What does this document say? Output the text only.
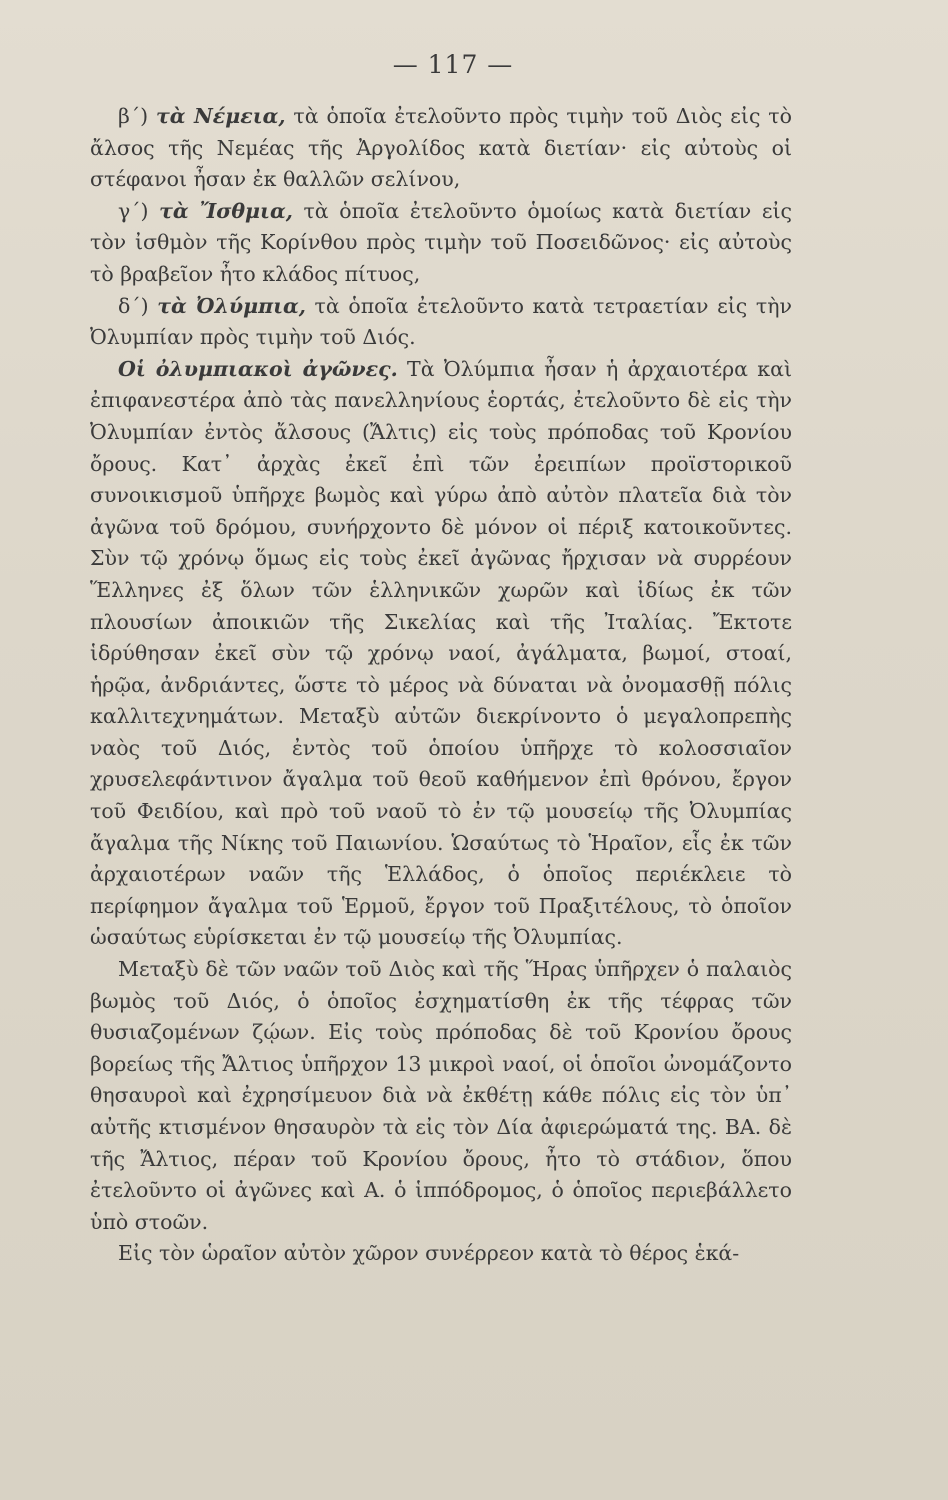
— 117 —

β΄) τὰ Νέμεια, τὰ ὁποῖα ἐτελοῦντο πρὸς τιμὴν τοῦ Διὸς εἰς τὸ ἄλσος τῆς Νεμέας τῆς Ἀργολίδος κατὰ διετίαν· εἰς αὐτοὺς οἱ στέφανοι ἦσαν ἐκ θαλλῶν σελίνου,

γ΄) τὰ Ἴσθμια, τὰ ὁποῖα ἐτελοῦντο ὁμοίως κατὰ διετίαν εἰς τὸν ἰσθμὸν τῆς Κορίνθου πρὸς τιμὴν τοῦ Ποσειδῶνος· εἰς αὐτοὺς τὸ βραβεῖον ἦτο κλάδος πίτυος,

δ΄) τὰ Ὀλύμπια, τὰ ὁποῖα ἐτελοῦντο κατὰ τετραετίαν εἰς τὴν Ὀλυμπίαν πρὸς τιμὴν τοῦ Διός.

Οἱ ὀλυμπιακοὶ ἀγῶνες. Τὰ Ὀλύμπια ἦσαν ἡ ἀρχαιοτέρα καὶ ἐπιφανεστέρα ἀπὸ τὰς πανελληνίους ἑορτάς, ἐτελοῦντο δὲ εἰς τὴν Ὀλυμπίαν ἐντὸς ἄλσους (Ἄλτις) εἰς τοὺς πρόποδας τοῦ Κρονίου ὄρους. Κατ᾿ ἀρχὰς ἐκεῖ ἐπὶ τῶν ἐρειπίων προϊστορικοῦ συνοικισμοῦ ὑπῆρχε βωμὸς καὶ γύρω ἀπὸ αὐτὸν πλατεῖα διὰ τὸν ἀγῶνα τοῦ δρόμου, συνήρχοντο δὲ μόνον οἱ πέριξ κατοικοῦντες. Σὺν τῷ χρόνῳ ὅμως εἰς τοὺς ἐκεῖ ἀγῶνας ἤρχισαν νὰ συρρέουν Ἕλληνες ἐξ ὅλων τῶν ἑλληνικῶν χωρῶν καὶ ἰδίως ἐκ τῶν πλουσίων ἀποικιῶν τῆς Σικελίας καὶ τῆς Ἰταλίας. Ἔκτοτε ἱδρύθησαν ἐκεῖ σὺν τῷ χρόνῳ ναοί, ἀγάλματα, βωμοί, στοαί, ἡρῷα, ἀνδριάντες, ὥστε τὸ μέρος νὰ δύναται νὰ ὀνομασθῇ πόλις καλλιτεχνημάτων. Μεταξὺ αὐτῶν διεκρίνοντο ὁ μεγαλοπρεπὴς ναὸς τοῦ Διός, ἐντὸς τοῦ ὁποίου ὑπῆρχε τὸ κολοσσιαῖον χρυσελεφάντινον ἄγαλμα τοῦ θεοῦ καθήμενον ἐπὶ θρόνου, ἔργον τοῦ Φειδίου, καὶ πρὸ τοῦ ναοῦ τὸ ἐν τῷ μουσείῳ τῆς Ὀλυμπίας ἄγαλμα τῆς Νίκης τοῦ Παιωνίου. Ὡσαύτως τὸ Ἡραῖον, εἷς ἐκ τῶν ἀρχαιοτέρων ναῶν τῆς Ἑλλάδος, ὁ ὁποῖος περιέκλειε τὸ περίφημον ἄγαλμα τοῦ Ἑρμοῦ, ἔργον τοῦ Πραξιτέλους, τὸ ὁποῖον ὡσαύτως εὑρίσκεται ἐν τῷ μουσείῳ τῆς Ὀλυμπίας.

Μεταξὺ δὲ τῶν ναῶν τοῦ Διὸς καὶ τῆς Ἥρας ὑπῆρχεν ὁ παλαιὸς βωμὸς τοῦ Διός, ὁ ὁποῖος ἐσχηματίσθη ἐκ τῆς τέφρας τῶν θυσιαζομένων ζῴων. Εἰς τοὺς πρόποδας δὲ τοῦ Κρονίου ὄρους βορείως τῆς Ἄλτιος ὑπῆρχον 13 μικροὶ ναοί, οἱ ὁποῖοι ὠνομάζοντο θησαυροὶ καὶ ἐχρησίμευον διὰ νὰ ἐκθέτῃ κάθε πόλις εἰς τὸν ὑπ᾿ αὐτῆς κτισμένον θησαυρὸν τὰ εἰς τὸν Δία ἀφιερώματά της. ΒΑ. δὲ τῆς Ἄλτιος, πέραν τοῦ Κρονίου ὄρους, ἦτο τὸ στάδιον, ὅπου ἐτελοῦντο οἱ ἀγῶνες καὶ Α. ὁ ἱππόδρομος, ὁ ὁποῖος περιεβάλλετο ὑπὸ στοῶν.

Εἰς τὸν ὡραῖον αὐτὸν χῶρον συνέρρεον κατὰ τὸ θέρος ἑκά-
